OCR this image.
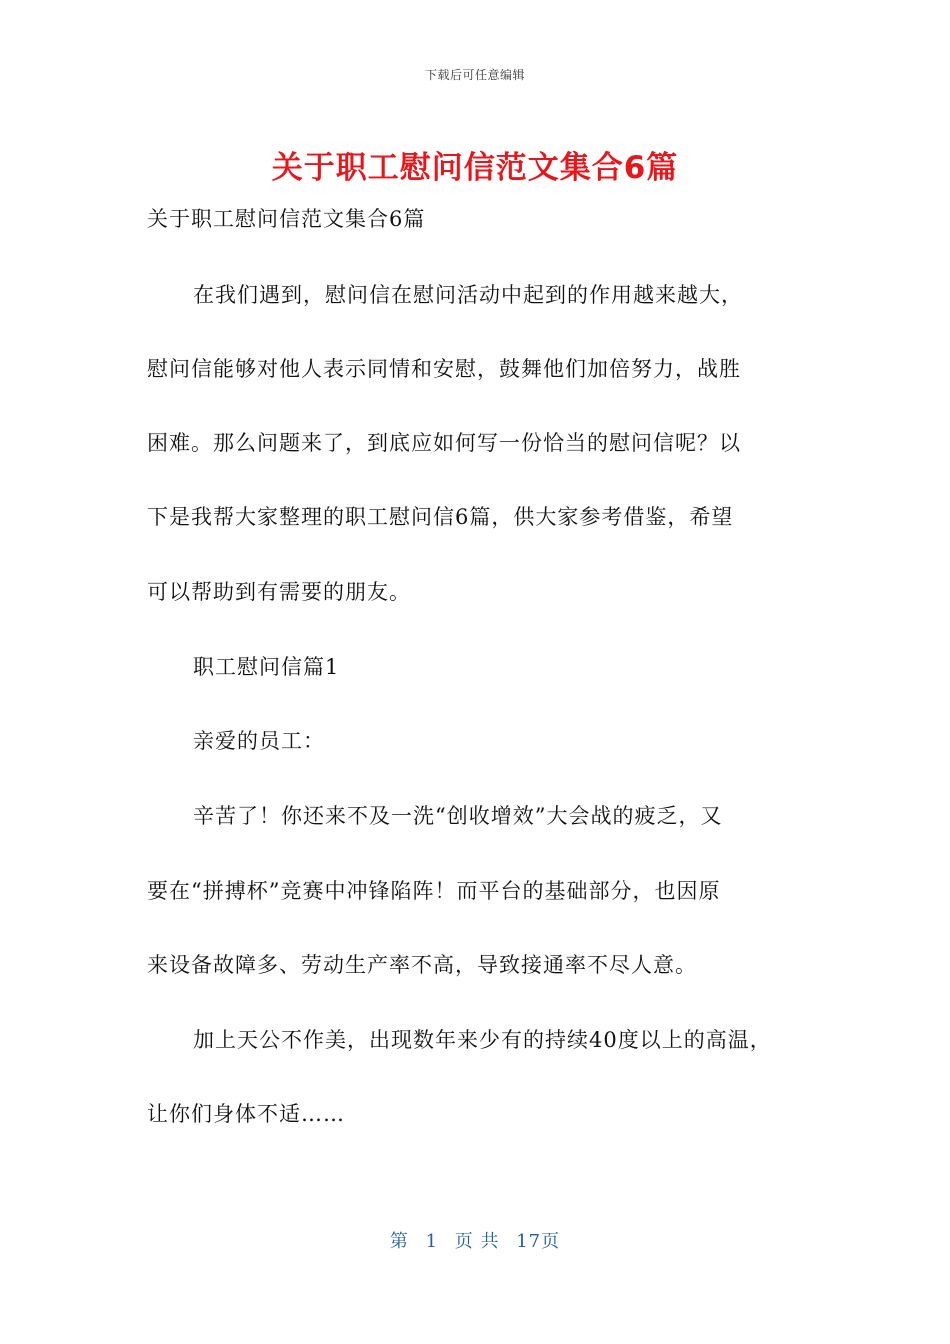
下载后可任意编辑
关于职工慰问信范文集合6篇
关于职工慰问信范文集合6篇
在我们遇到，慰问信在慰问活动中起到的作用越来越大，
慰问信能够对他人表示同情和安慰，鼓舞他们加倍努力，战胜
困难。那么问题来了，到底应如何写一份恰当的慰问信呢？以
下是我帮大家整理的职工慰问信6篇，供大家参考借鉴，希望
可以帮助到有需要的朋友。
职工慰问信篇1
亲爱的员工：
辛苦了！你还来不及一洗“创收增效”大会战的疲乏，又
要在“拼搏杯”竞赛中冲锋陷阵！而平台的基础部分，也因原
来设备故障多、劳动生产率不高，导致接通率不尽人意。
加上天公不作美，出现数年来少有的持续40度以上的高温，
让你们身体不适……
第 1 页 共 17页
